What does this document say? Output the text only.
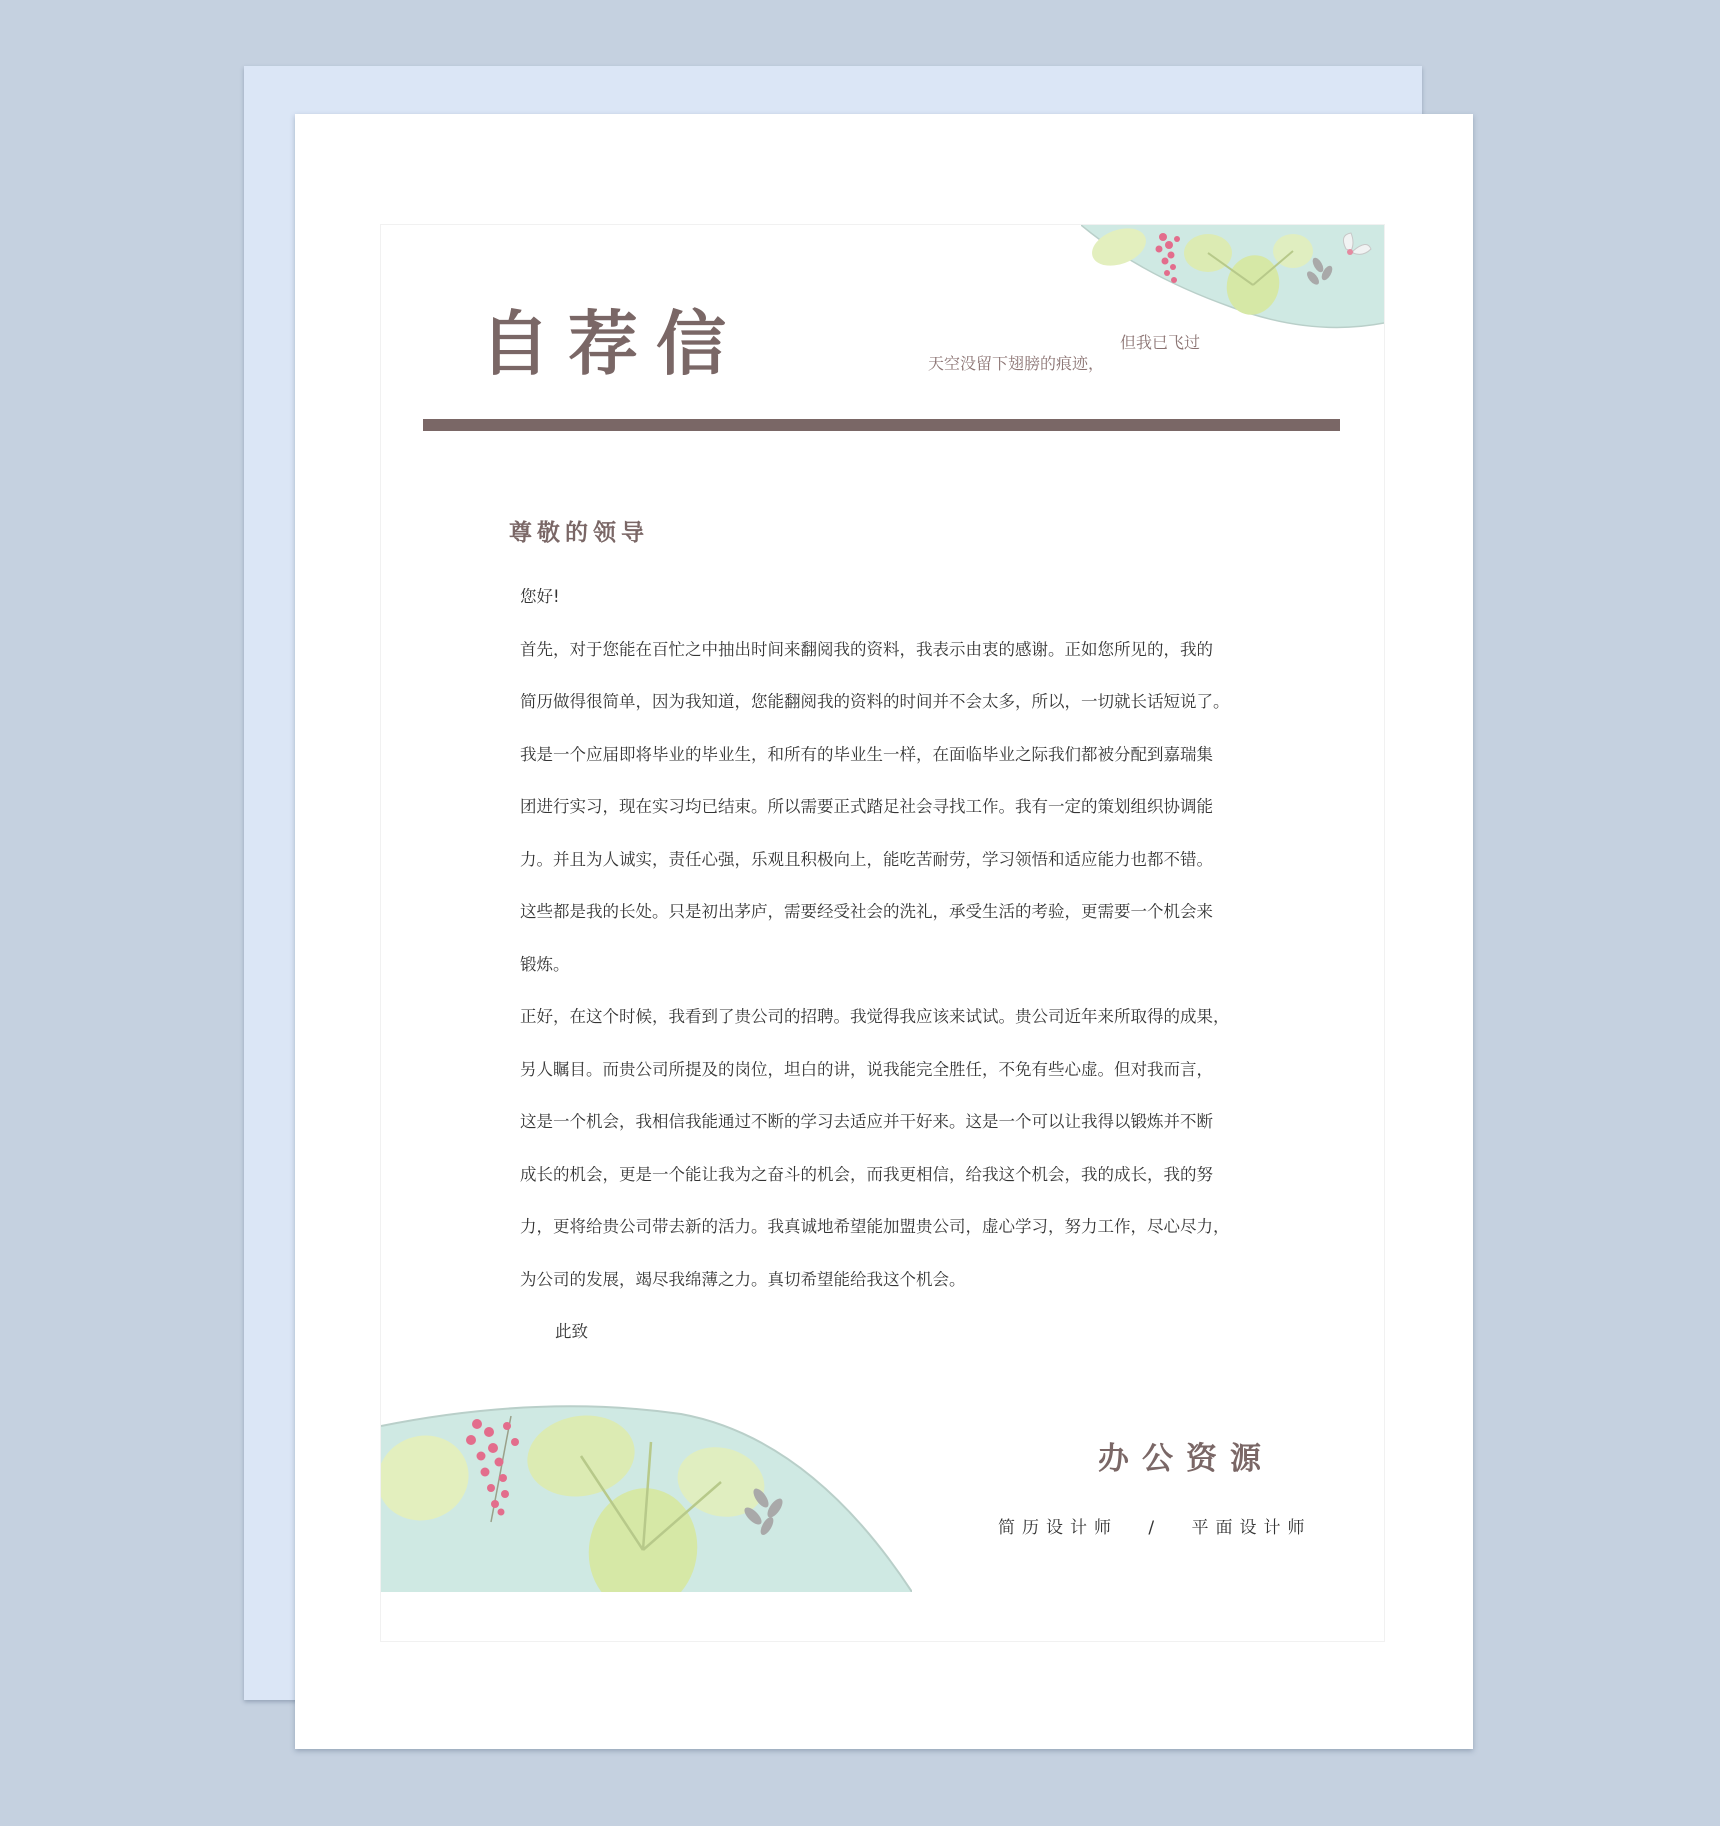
自荐信	天空没留下翅膀的痕迹，
但我已飞过
尊敬的领导

您好!

首先，对于您能在百忙之中抽出时间来翻阅我的资料，我表示由衷的感谢。正如您所见的，我的

简历做得很简单，因为我知道，您能翻阅我的资料的时间并不会太多，所以，一切就长话短说了。

我是一个应届即将毕业的毕业生，和所有的毕业生一样，在面临毕业之际我们都被分配到嘉瑞集

团进行实习，现在实习均已结束。所以需要正式踏足社会寻找工作。我有一定的策划组织协调能

力。并且为人诚实，责任心强，乐观且积极向上，能吃苦耐劳，学习领悟和适应能力也都不错。

这些都是我的长处。只是初出茅庐，需要经受社会的洗礼，承受生活的考验，更需要一个机会来

锻炼。

正好，在这个时候，我看到了贵公司的招聘。我觉得我应该来试试。贵公司近年来所取得的成果，

另人瞩目。而贵公司所提及的岗位，坦白的讲，说我能完全胜任，不免有些心虚。但对我而言，

这是一个机会，我相信我能通过不断的学习去适应并干好来。这是一个可以让我得以锻炼并不断

成长的机会，更是一个能让我为之奋斗的机会，而我更相信，给我这个机会，我的成长，我的努

力，更将给贵公司带去新的活力。我真诚地希望能加盟贵公司，虚心学习，努力工作，尽心尽力，

为公司的发展，竭尽我绵薄之力。真切希望能给我这个机会。

此致

办公资源
简历设计师 / 平面设计师
